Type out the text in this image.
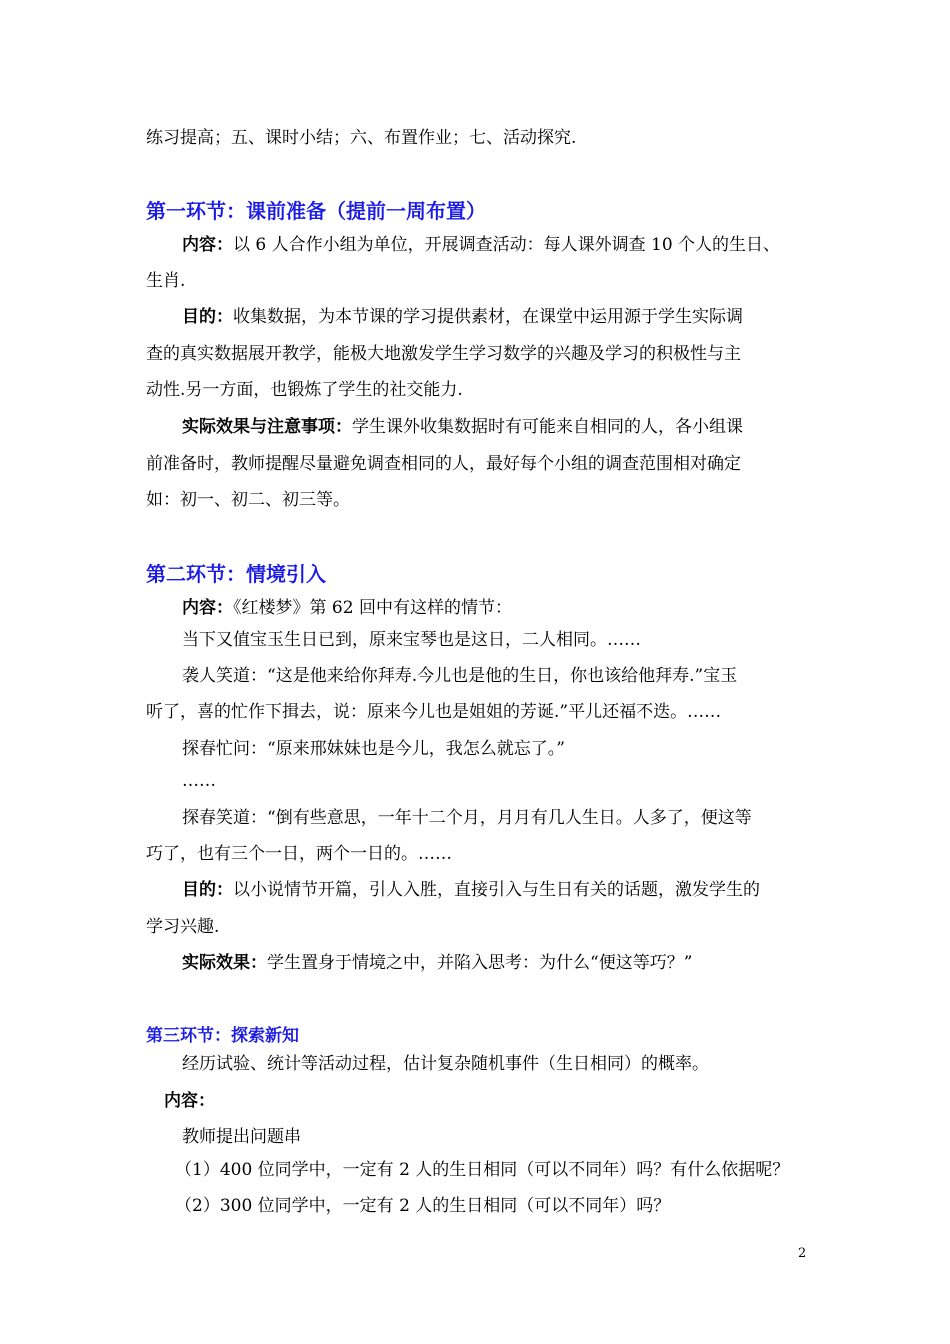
练习提高；五、课时小结；六、布置作业；七、活动探究.
第一环节：课前准备（提前一周布置）
内容：以 6 人合作小组为单位，开展调查活动：每人课外调查 10 个人的生日、
生肖.
目的：收集数据，为本节课的学习提供素材，在课堂中运用源于学生实际调
查的真实数据展开教学，能极大地激发学生学习数学的兴趣及学习的积极性与主
动性.另一方面，也锻炼了学生的社交能力.
实际效果与注意事项：学生课外收集数据时有可能来自相同的人，各小组课
前准备时，教师提醒尽量避免调查相同的人，最好每个小组的调查范围相对确定
如：初一、初二、初三等。
第二环节：情境引入
内容：《红楼梦》第 62 回中有这样的情节：
当下又值宝玉生日已到，原来宝琴也是这日，二人相同。……
袭人笑道：“这是他来给你拜寿.今儿也是他的生日，你也该给他拜寿.”宝玉
听了，喜的忙作下揖去，说：原来今儿也是姐姐的芳诞.”平儿还福不迭。……
探春忙问：“原来邢妹妹也是今儿，我怎么就忘了。”
……
探春笑道：“倒有些意思，一年十二个月，月月有几人生日。人多了，便这等
巧了，也有三个一日，两个一日的。……
目的：以小说情节开篇，引人入胜，直接引入与生日有关的话题，激发学生的
学习兴趣.
实际效果：学生置身于情境之中，并陷入思考：为什么“便这等巧？”
第三环节：探索新知
经历试验、统计等活动过程，估计复杂随机事件（生日相同）的概率。
内容：
教师提出问题串
（1）400 位同学中，一定有 2 人的生日相同（可以不同年）吗？有什么依据呢？
（2）300 位同学中，一定有 2 人的生日相同（可以不同年）吗？
2
